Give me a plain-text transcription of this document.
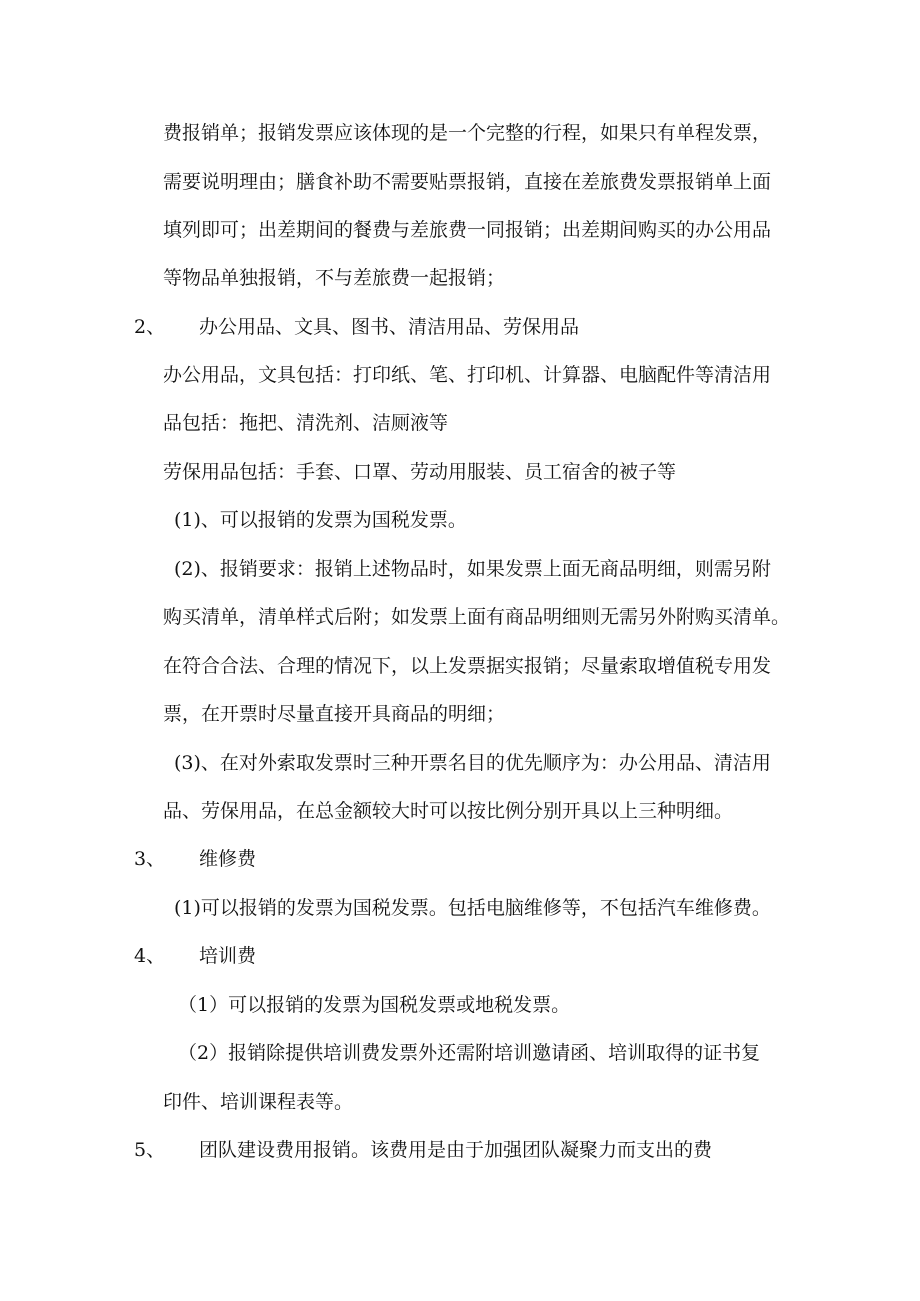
费报销单；报销发票应该体现的是一个完整的行程，如果只有单程发票，
需要说明理由；膳食补助不需要贴票报销，直接在差旅费发票报销单上面
填列即可；出差期间的餐费与差旅费一同报销；出差期间购买的办公用品
等物品单独报销，不与差旅费一起报销；
2、 办公用品、文具、图书、清洁用品、劳保用品
办公用品，文具包括：打印纸、笔、打印机、计算器、电脑配件等清洁用
品包括：拖把、清洗剂、洁厕液等
劳保用品包括：手套、口罩、劳动用服装、员工宿舍的被子等
(1)、可以报销的发票为国税发票。
(2)、报销要求：报销上述物品时，如果发票上面无商品明细，则需另附
购买清单，清单样式后附；如发票上面有商品明细则无需另外附购买清单。
在符合合法、合理的情况下，以上发票据实报销；尽量索取增值税专用发
票，在开票时尽量直接开具商品的明细；
(3)、在对外索取发票时三种开票名目的优先顺序为：办公用品、清洁用
品、劳保用品，在总金额较大时可以按比例分别开具以上三种明细。
3、 维修费
(1)可以报销的发票为国税发票。包括电脑维修等，不包括汽车维修费。
4、 培训费
（1）可以报销的发票为国税发票或地税发票。
（2）报销除提供培训费发票外还需附培训邀请函、培训取得的证书复
印件、培训课程表等。
5、 团队建设费用报销。该费用是由于加强团队凝聚力而支出的费
